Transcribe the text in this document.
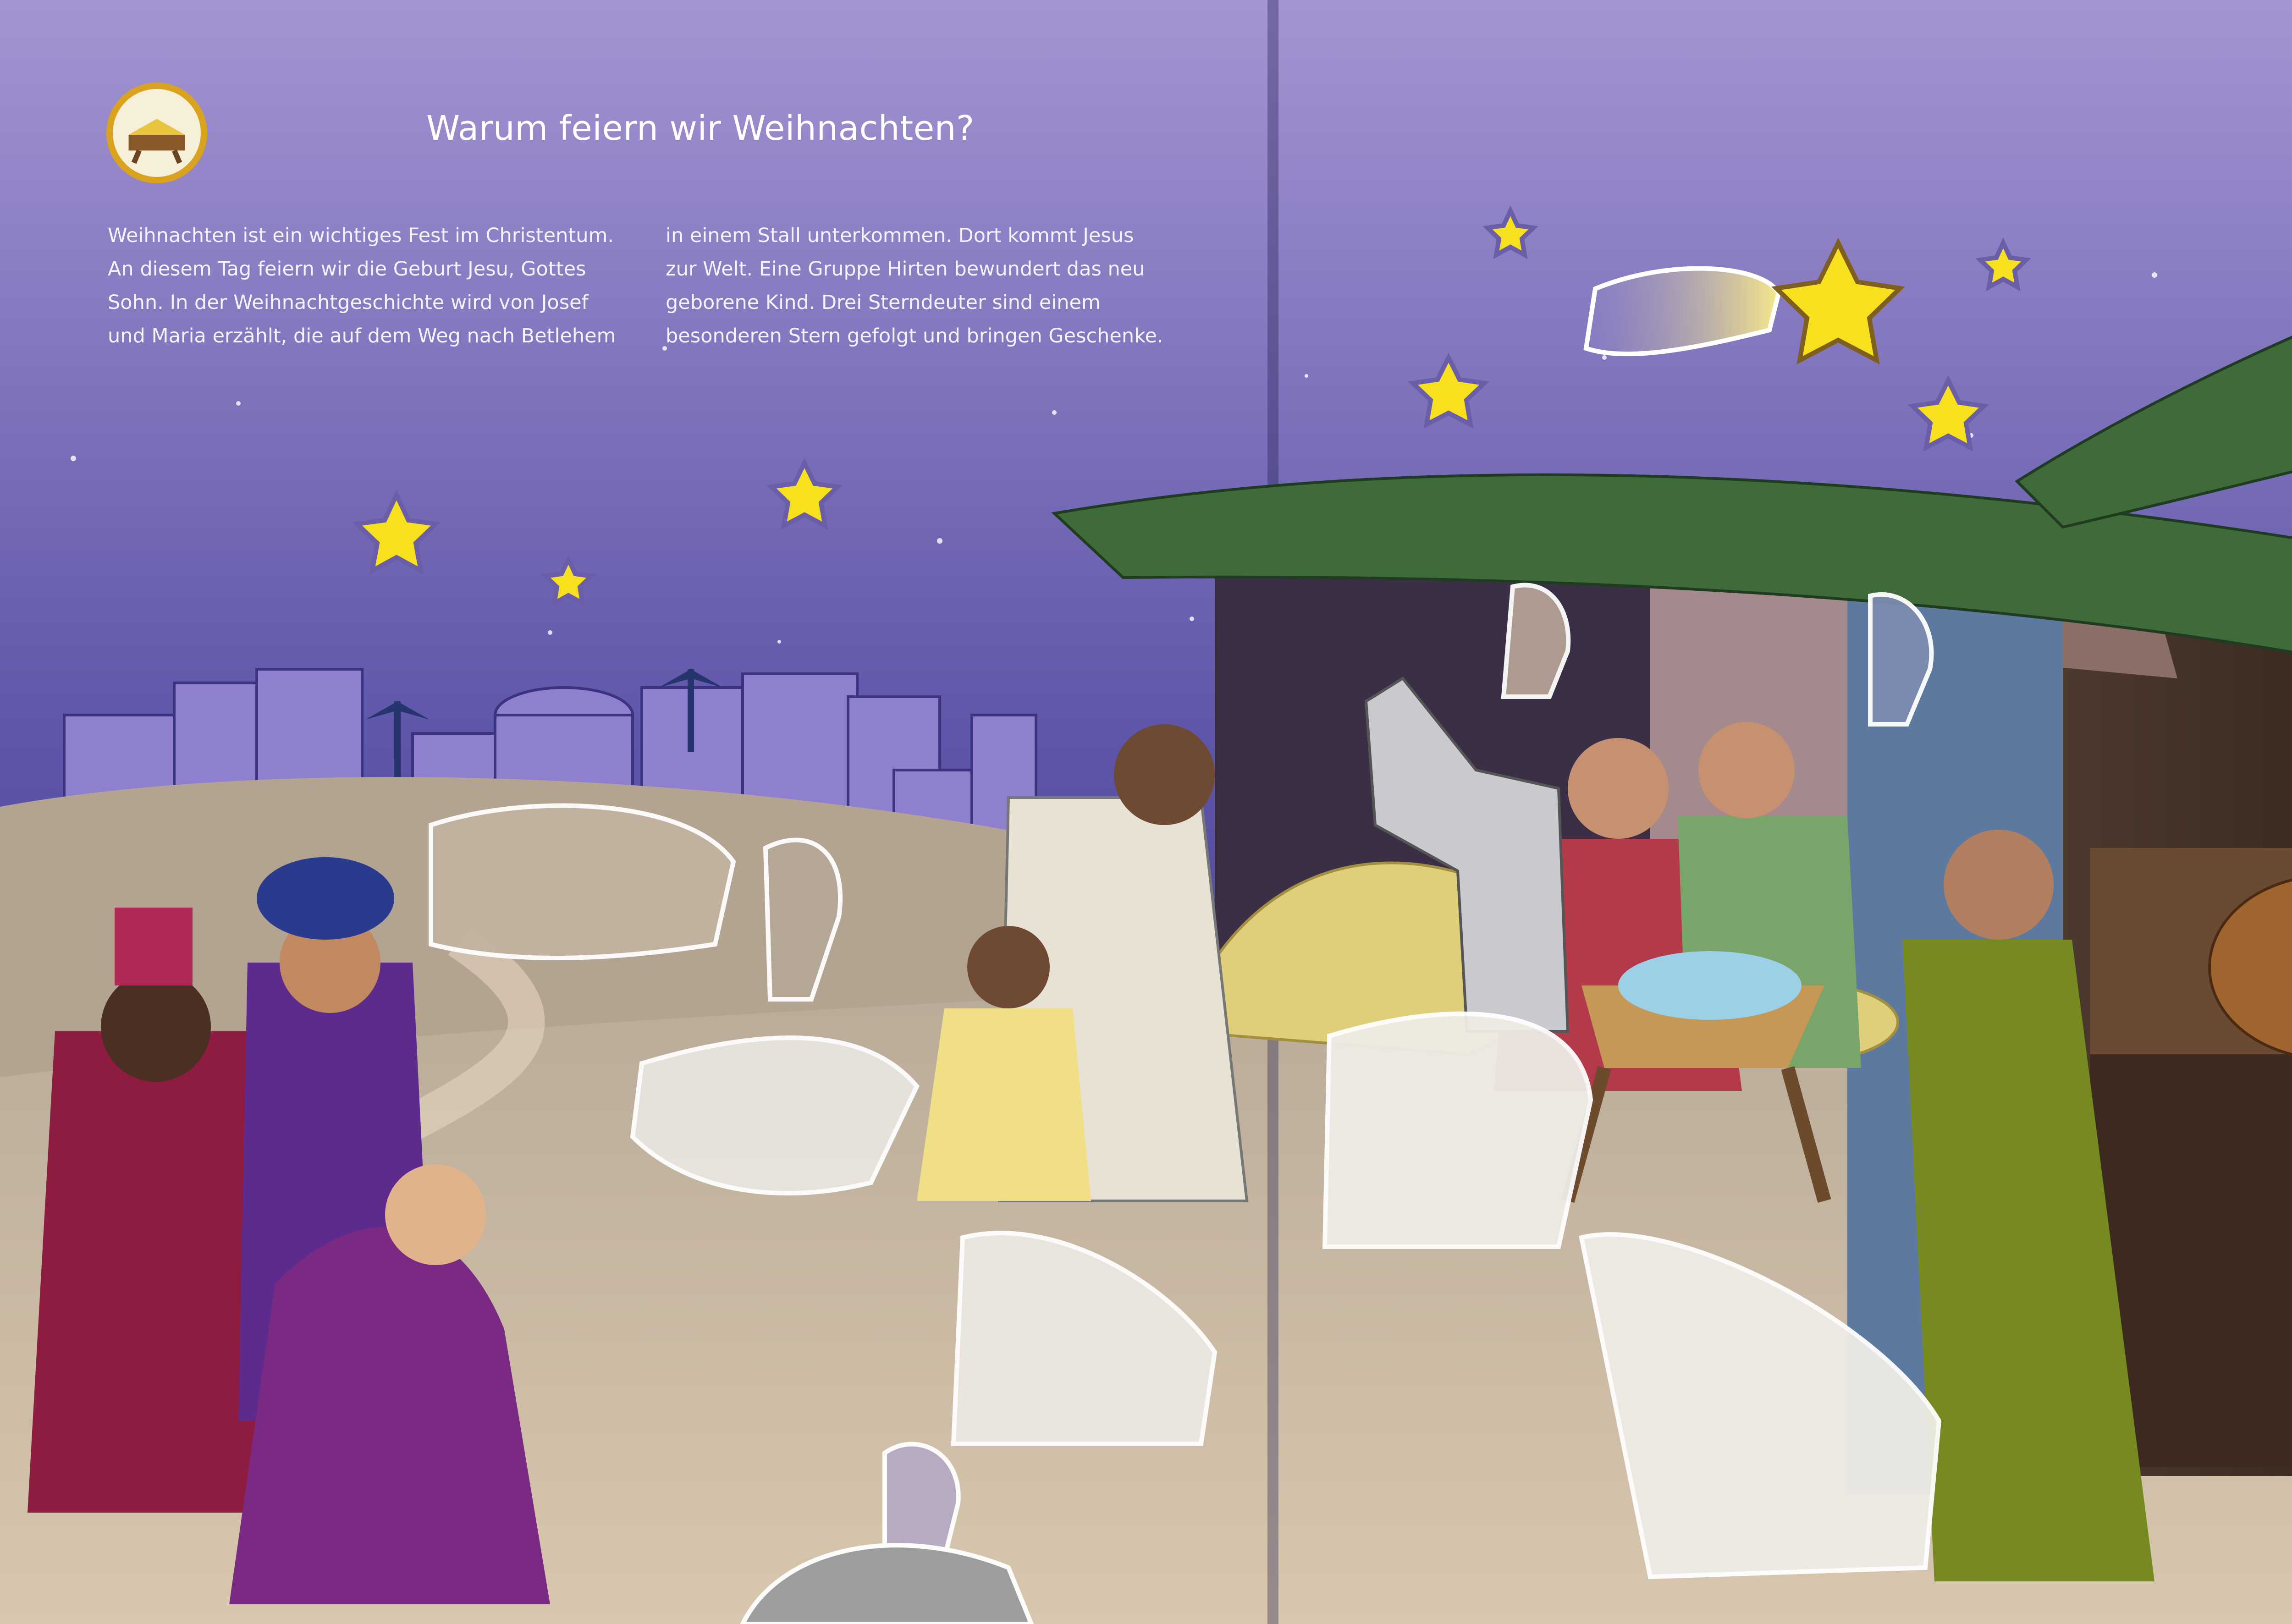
Warum feiern wir Weihnachten?
Weihnachten ist ein wichtiges Fest im Christentum.
An diesem Tag feiern wir die Geburt Jesu, Gottes
Sohn. In der Weihnachtgeschichte wird von Josef
und Maria erzählt, die auf dem Weg nach Betlehem
in einem Stall unterkommen. Dort kommt Jesus
zur Welt. Eine Gruppe Hirten bewundert das neu
geborene Kind. Drei Sterndeuter sind einem
besonderen Stern gefolgt und bringen Geschenke.
